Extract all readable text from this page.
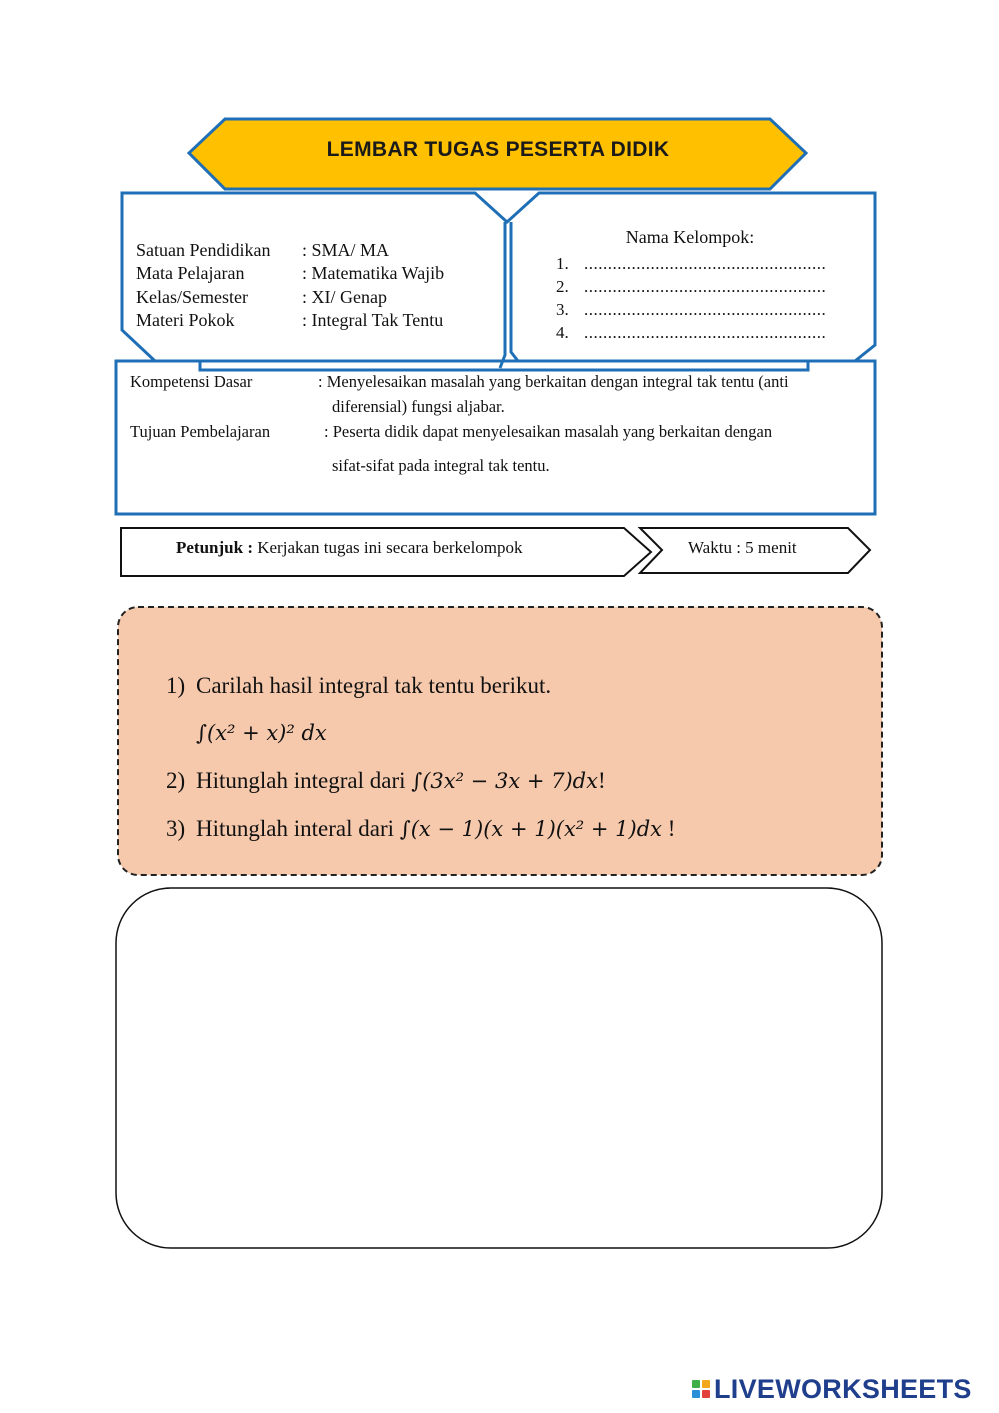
LEMBAR TUGAS PESERTA DIDIK
Satuan Pendidikan : SMA/ MA
Mata Pelajaran	: Matematika Wajib
Kelas/Semester	: XI/ Genap
Materi Pokok	: Integral Tak Tentu
Nama Kelompok:
1. ...................................................
2. ...................................................
3. ...................................................
4. ...................................................
Kompetensi Dasar	: Menyelesaikan masalah yang berkaitan dengan integral tak tentu (anti
diferensial) fungsi aljabar.
Tujuan Pembelajaran	: Peserta didik dapat menyelesaikan masalah yang berkaitan dengan
sifat-sifat pada integral tak tentu.
Petunjuk : Kerjakan tugas ini secara berkelompok	Waktu : 5 menit
1) Carilah hasil integral tak tentu berikut.
∫(x² + x)² dx
2) Hitunglah integral dari ∫(3x² − 3x + 7)dx!
3) Hitunglah interal dari ∫(x − 1)(x + 1)(x² + 1)dx !
LIVEWORKSHEETS
